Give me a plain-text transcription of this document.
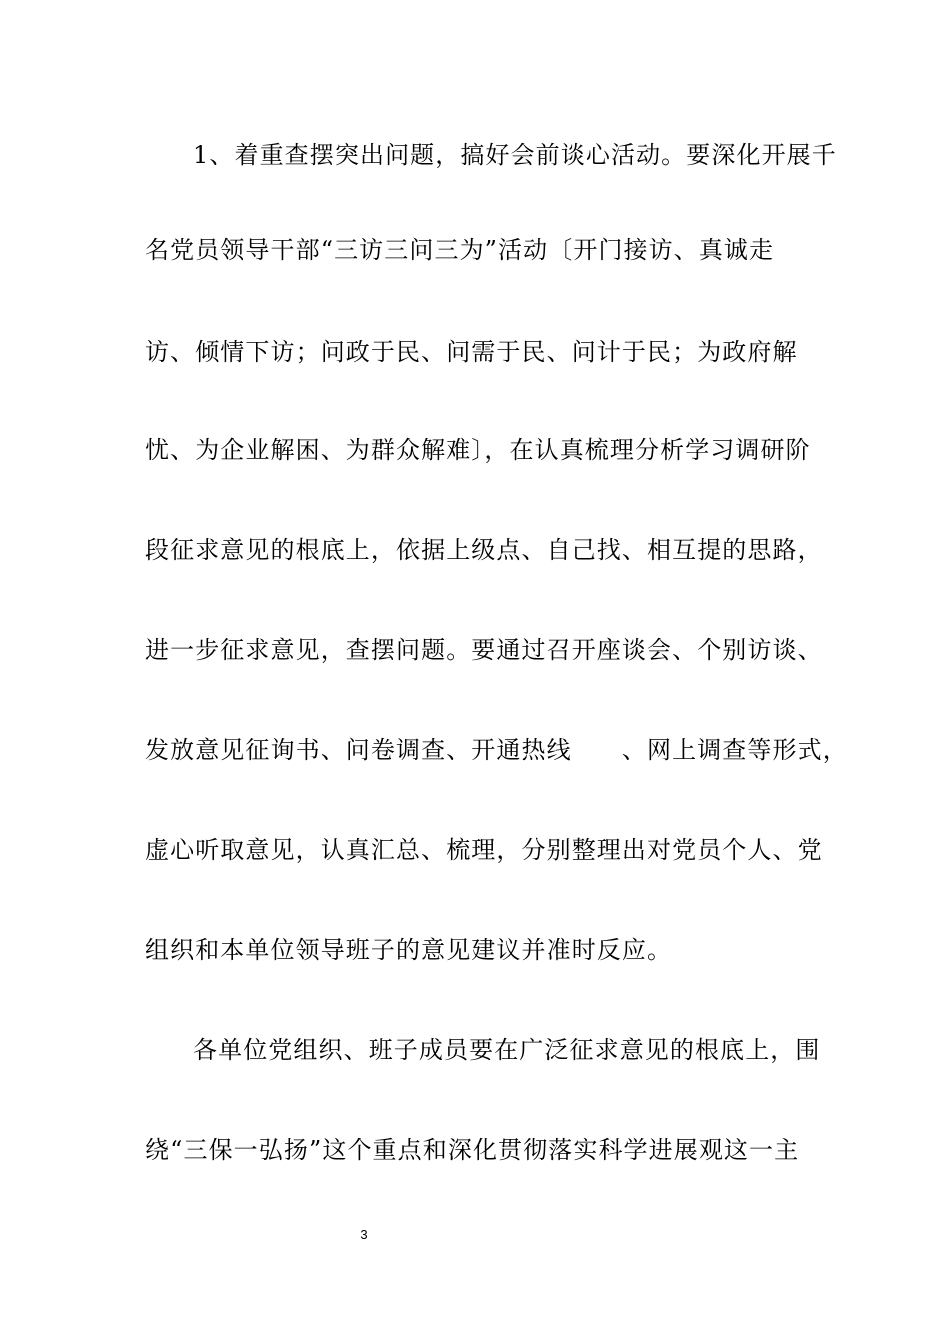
1、着重查摆突出问题，搞好会前谈心活动。要深化开展千
名党员领导干部“三访三问三为”活动〔开门接访、真诚走
访、倾情下访；问政于民、问需于民、问计于民；为政府解
忧、为企业解困、为群众解难〕，在认真梳理分析学习调研阶
段征求意见的根底上，依据上级点、自己找、相互提的思路，
进一步征求意见，查摆问题。要通过召开座谈会、个别访谈、
发放意见征询书、问卷调查、开通热线　　、网上调查等形式，
虚心听取意见，认真汇总、梳理，分别整理出对党员个人、党
组织和本单位领导班子的意见建议并准时反应。
各单位党组织、班子成员要在广泛征求意见的根底上，围
绕“三保一弘扬”这个重点和深化贯彻落实科学进展观这一主
3
